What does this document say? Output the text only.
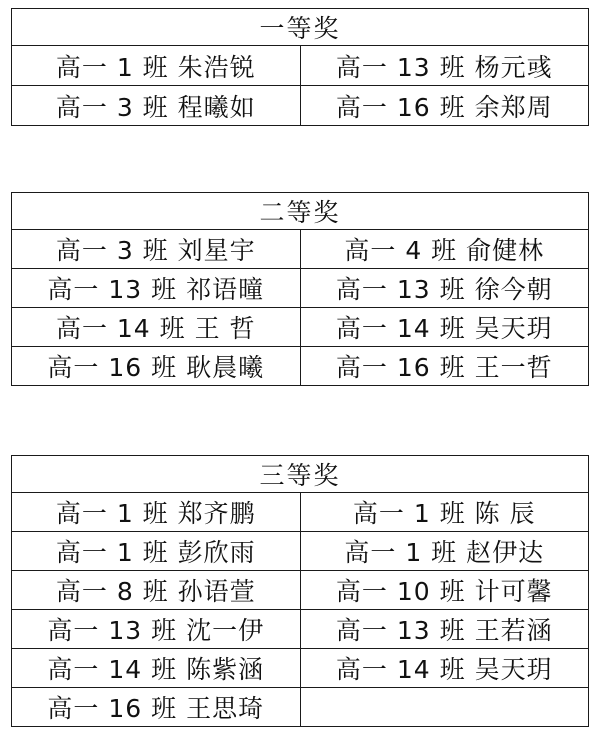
一等奖	
高一 1 班 朱浩锐	高一 13 班 杨元彧
高一 3 班 程曦如	高一 16 班 余郑周
二等奖	
高一 3 班 刘星宇	高一 4 班 俞健林
高一 13 班 祁语曈	高一 13 班 徐今朝
高一 14 班 王 哲	高一 14 班 吴天玥
高一 16 班 耿晨曦	高一 16 班 王一哲
三等奖	
高一 1 班 郑齐鹏	高一 1 班 陈 辰
高一 1 班 彭欣雨	高一 1 班 赵伊达
高一 8 班 孙语萱	高一 10 班 计可馨
高一 13 班 沈一伊	高一 13 班 王若涵
高一 14 班 陈紫涵	高一 14 班 吴天玥
高一 16 班 王思琦	
